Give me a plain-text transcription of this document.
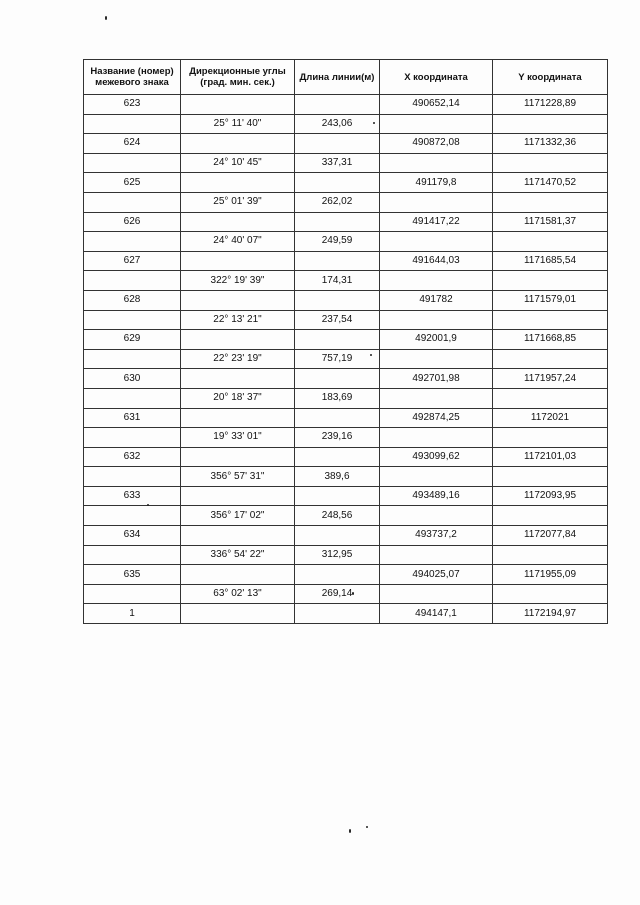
Название (номер) межевого знака	Дирекционные углы (град. мин. сек.)	Длина линии(м)	X координата	Y координата
623			490652,14	1171228,89
	25° 11' 40"	243,06		
624			490872,08	1171332,36
	24° 10' 45"	337,31		
625			491179,8	1171470,52
	25° 01' 39"	262,02		
626			491417,22	1171581,37
	24° 40' 07"	249,59		
627			491644,03	1171685,54
	322° 19' 39"	174,31		
628			491782	1171579,01
	22° 13' 21"	237,54		
629			492001,9	1171668,85
	22° 23' 19"	757,19		
630			492701,98	1171957,24
	20° 18' 37"	183,69		
631			492874,25	1172021
	19° 33' 01"	239,16		
632			493099,62	1172101,03
	356° 57' 31"	389,6		
633			493489,16	1172093,95
	356° 17' 02"	248,56		
634			493737,2	1172077,84
	336° 54' 22"	312,95		
635			494025,07	1171955,09
	63° 02' 13"	269,14		
1			494147,1	1172194,97
